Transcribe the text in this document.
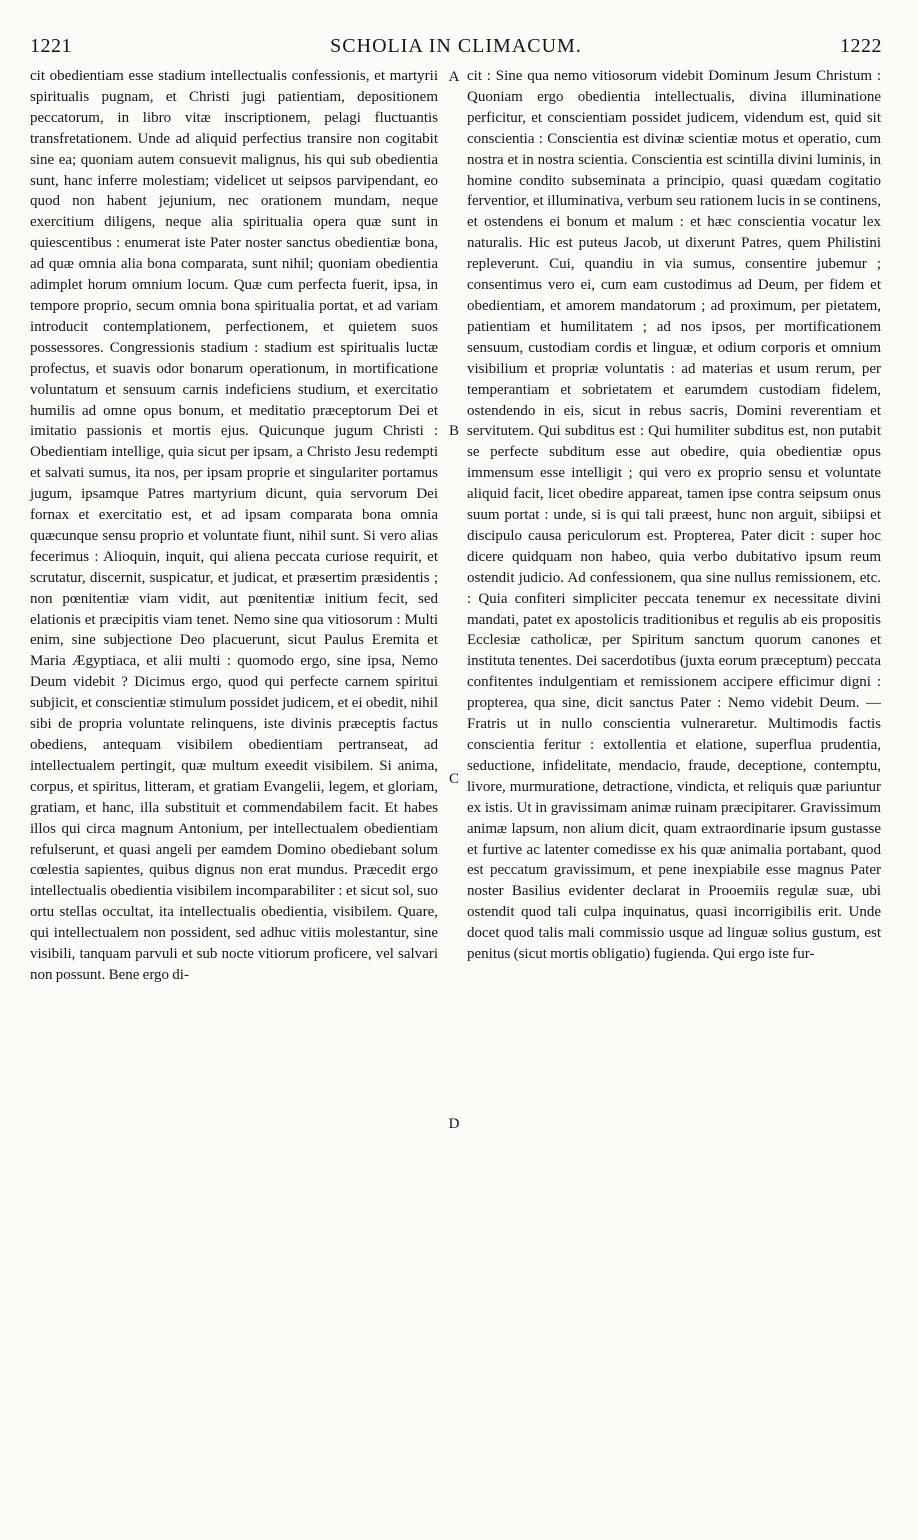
1221	SCHOLIA IN CLIMACUM.	1222

cit obedientiam esse stadium intellectualis confessionis, et martyrii spiritualis pugnam, et Christi jugi patientiam, depositionem peccatorum, in libro vitæ inscriptionem, pelagi fluctuantis transfretationem. Unde ad aliquid perfectius transire non cogitabit sine ea; quoniam autem consuevit malignus, his qui sub obedientia sunt, hanc inferre molestiam; videlicet ut seipsos parvipendant, eo quod non habent jejunium, nec orationem mundam, neque exercitium diligens, neque alia spiritualia opera quæ sunt in quiescentibus : enumerat iste Pater noster sanctus obedientiæ bona, ad quæ omnia alia bona comparata, sunt nihil; quoniam obedientia adimplet horum omnium locum. Quæ cum perfecta fuerit, ipsa, in tempore proprio, secum omnia bona spiritualia portat, et ad variam introducit contemplationem, perfectionem, et quietem suos possessores. Congressionis stadium : stadium est spiritualis luctæ profectus, et suavis odor bonarum operationum, in mortificatione voluntatum et sensuum carnis indeficiens studium, et exercitatio humilis ad omne opus bonum, et meditatio præceptorum Dei et imitatio passionis et mortis ejus. Quicunque jugum Christi : Obedientiam intellige, quia sicut per ipsam, a Christo Jesu redempti et salvati sumus, ita nos, per ipsam proprie et singulariter portamus jugum, ipsamque Patres martyrium dicunt, quia servorum Dei fornax et exercitatio est, et ad ipsam comparata bona omnia quæcunque sensu proprio et voluntate fiunt, nihil sunt. Si vero alias fecerimus : Alioquin, inquit, qui aliena peccata curiose requirit, et scrutatur, discernit, suspicatur, et judicat, et præsertim præsidentis ; non pœnitentiæ viam vidit, aut pœnitentiæ initium fecit, sed elationis et præcipitis viam tenet. Nemo sine qua vitiosorum : Multi enim, sine subjectione Deo placuerunt, sicut Paulus Eremita et Maria Ægyptiaca, et alii multi : quomodo ergo, sine ipsa, Nemo Deum videbit ? Dicimus ergo, quod qui perfecte carnem spiritui subjicit, et conscientiæ stimulum possidet judicem, et ei obedit, nihil sibi de propria voluntate relinquens, iste divinis præceptis factus obediens, antequam visibilem obedientiam pertranseat, ad intellectualem pertingit, quæ multum exeedit visibilem. Si anima, corpus, et spiritus, litteram, et gratiam Evangelii, legem, et gloriam, gratiam, et hanc, illa substituit et commendabilem facit. Et habes illos qui circa magnum Antonium, per intellectualem obedientiam refulserunt, et quasi angeli per eamdem Domino obediebant solum cœlestia sapientes, quibus dignus non erat mundus. Præcedit ergo intellectualis obedientia visibilem incomparabiliter : et sicut sol, suo ortu stellas occultat, ita intellectualis obedientia, visibilem. Quare, qui intellectualem non possident, sed adhuc vitiis molestantur, sine visibili, tanquam parvuli et sub nocte vitiorum proficere, vel salvari non possunt. Bene ergo di-

A
B
C
D

cit : Sine qua nemo vitiosorum videbit Dominum Jesum Christum : Quoniam ergo obedientia intellectualis, divina illuminatione perficitur, et conscientiam possidet judicem, videndum est, quid sit conscientia : Conscientia est divinæ scientiæ motus et operatio, cum nostra et in nostra scientia. Conscientia est scintilla divini luminis, in homine condito subseminata a principio, quasi quædam cogitatio ferventior, et illuminativa, verbum seu rationem lucis in se continens, et ostendens ei bonum et malum : et hæc conscientia vocatur lex naturalis. Hic est puteus Jacob, ut dixerunt Patres, quem Philistini repleverunt. Cui, quandiu in via sumus, consentire jubemur ; consentimus vero ei, cum eam custodimus ad Deum, per fidem et obedientiam, et amorem mandatorum ; ad proximum, per pietatem, patientiam et humilitatem ; ad nos ipsos, per mortificationem sensuum, custodiam cordis et linguæ, et odium corporis et omnium visibilium et propriæ voluntatis : ad materias et usum rerum, per temperantiam et sobrietatem et earumdem custodiam fidelem, ostendendo in eis, sicut in rebus sacris, Domini reverentiam et servitutem. Qui subditus est : Qui humiliter subditus est, non putabit se perfecte subditum esse aut obedire, quia obedientiæ opus immensum esse intelligit ; qui vero ex proprio sensu et voluntate aliquid facit, licet obedire appareat, tamen ipse contra seipsum onus suum portat : unde, si is qui tali præest, hunc non arguit, sibiipsi et discipulo causa periculorum est. Propterea, Pater dicit : super hoc dicere quidquam non habeo, quia verbo dubitativo ipsum reum ostendit judicio. Ad confessionem, qua sine nullus remissionem, etc. : Quia confiteri simpliciter peccata tenemur ex necessitate divini mandati, patet ex apostolicis traditionibus et regulis ab eis propositis Ecclesiæ catholicæ, per Spiritum sanctum quorum canones et instituta tenentes. Dei sacerdotibus (juxta eorum præceptum) peccata confitentes indulgentiam et remissionem accipere efficimur digni : propterea, qua sine, dicit sanctus Pater : Nemo videbit Deum. — Fratris ut in nullo conscientia vulneraretur. Multimodis factis conscientia feritur : extollentia et elatione, superflua prudentia, seductione, infidelitate, mendacio, fraude, deceptione, contemptu, livore, murmuratione, detractione, vindicta, et reliquis quæ pariuntur ex istis. Ut in gravissimam animæ ruinam præcipitarer. Gravissimum animæ lapsum, non alium dicit, quam extraordinarie ipsum gustasse et furtive ac latenter comedisse ex his quæ animalia portabant, quod est peccatum gravissimum, et pene inexpiabile esse magnus Pater noster Basilius evidenter declarat in Prooemiis regulæ suæ, ubi ostendit quod tali culpa inquinatus, quasi incorrigibilis erit. Unde docet quod talis mali commissio usque ad linguæ solius gustum, est penitus (sicut mortis obligatio) fugienda. Qui ergo iste fur-
